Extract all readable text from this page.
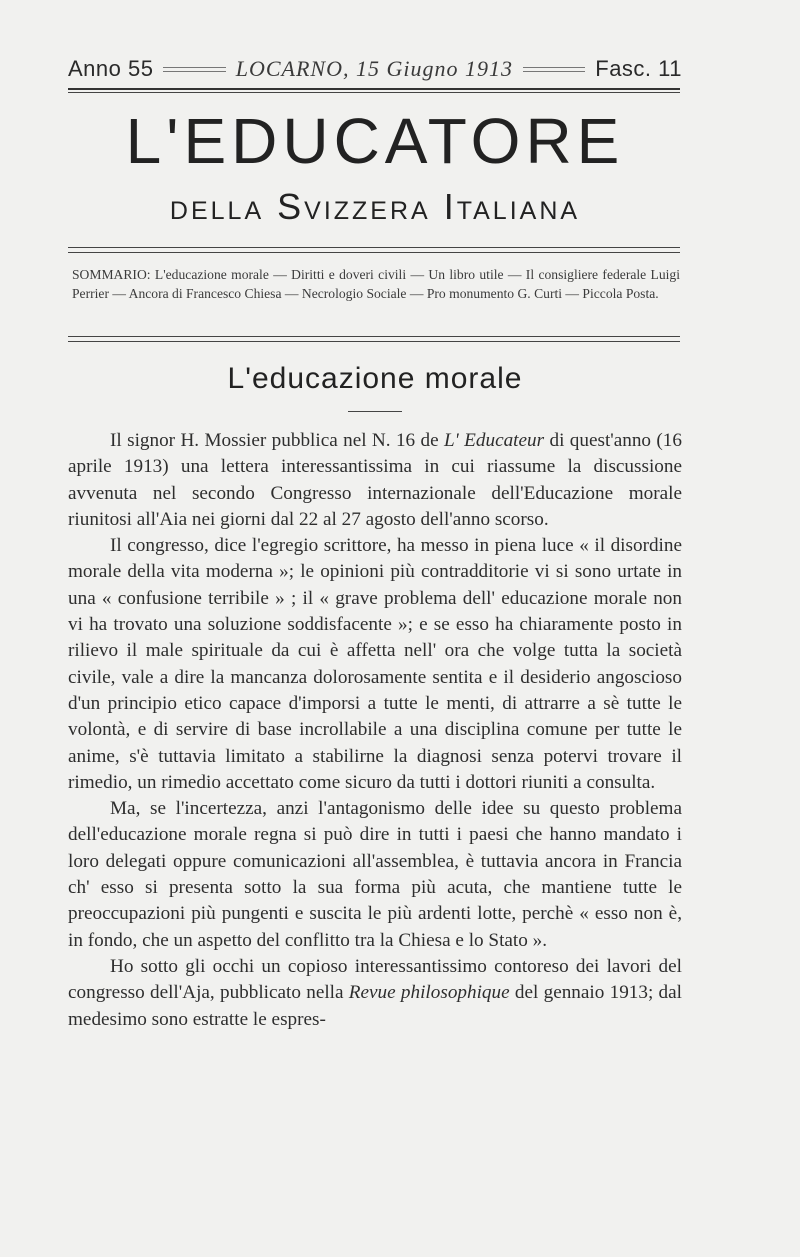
Anno 55	LOCARNO, 15 Giugno 1913	Fasc. 11
L'EDUCATORE
della Svizzera Italiana
SOMMARIO: L'educazione morale — Diritti e doveri civili — Un libro utile — Il consigliere federale Luigi Perrier — Ancora di Francesco Chiesa — Necrologio Sociale — Pro monumento G. Curti — Piccola Posta.
L'educazione morale

Il signor H. Mossier pubblica nel N. 16 de L' Educateur di quest'anno (16 aprile 1913) una lettera interessantissima in cui riassume la discussione avvenuta nel secondo Congresso internazionale dell'Educazione morale riunitosi all'Aia nei giorni dal 22 al 27 agosto dell'anno scorso.

Il congresso, dice l'egregio scrittore, ha messo in piena luce « il disordine morale della vita moderna »; le opinioni più contradditorie vi si sono urtate in una « confusione terribile » ; il « grave problema dell' educazione morale non vi ha trovato una soluzione soddisfacente »; e se esso ha chiaramente posto in rilievo il male spirituale da cui è affetta nell' ora che volge tutta la società civile, vale a dire la mancanza dolorosamente sentita e il desiderio angoscioso d'un principio etico capace d'imporsi a tutte le menti, di attrarre a sè tutte le volontà, e di servire di base incrollabile a una disciplina comune per tutte le anime, s'è tuttavia limitato a stabilirne la diagnosi senza potervi trovare il rimedio, un rimedio accettato come sicuro da tutti i dottori riuniti a consulta.

Ma, se l'incertezza, anzi l'antagonismo delle idee su questo problema dell'educazione morale regna si può dire in tutti i paesi che hanno mandato i loro delegati oppure comunicazioni all'assemblea, è tuttavia ancora in Francia ch' esso si presenta sotto la sua forma più acuta, che mantiene tutte le preoccupazioni più pungenti e suscita le più ardenti lotte, perchè « esso non è, in fondo, che un aspetto del conflitto tra la Chiesa e lo Stato ».

Ho sotto gli occhi un copioso interessantissimo contoreso dei lavori del congresso dell'Aja, pubblicato nella Revue philosophique del gennaio 1913; dal medesimo sono estratte le espres-
